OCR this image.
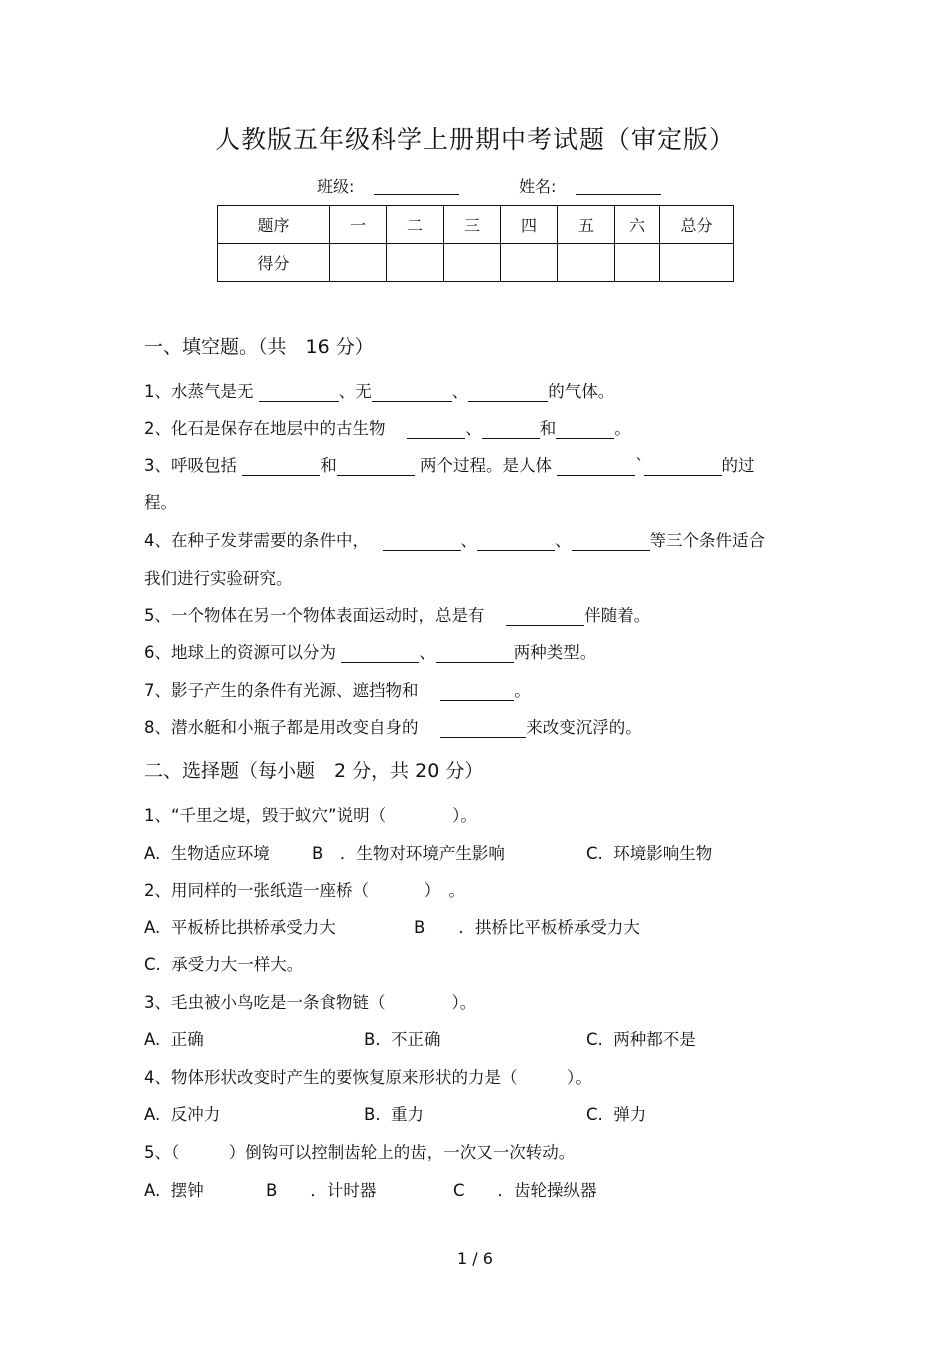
人教版五年级科学上册期中考试题（审定版）
班级:	姓名:
题序	一	二	三	四	五	六	总分
得分							
一、填空题。（共　16 分）
1、水蒸气是无	、无	、	的气体。
2、化石是保存在地层中的古生物　	、	和	。
3、呼吸包括	和	两个过程。是人体	`	的过
程。
4、在种子发芽需要的条件中，　	、	、	等三个条件适合
我们进行实验研究。
5、一个物体在另一个物体表面运动时，总是有　	伴随着。
6、地球上的资源可以分为	、	两种类型。
7、影子产生的条件有光源、遮挡物和　	。
8、潜水艇和小瓶子都是用改变自身的　	来改变沉浮的。
二、选择题（每小题　2 分，共 20 分）
1、“千里之堤，毁于蚁穴”说明（　　　　）。
A.  生物适应环境	B　．生物对环境产生影响	C.  环境影响生物
2、用同样的一张纸造一座桥（　　　 ）　。
A.  平板桥比拱桥承受力大	B　　．拱桥比平板桥承受力大
C.  承受力大一样大。
3、毛虫被小鸟吃是一条食物链（　　　　）。
A.  正确	B.  不正确	C.  两种都不是
4、物体形状改变时产生的要恢复原来形状的力是（　　　）。
A.  反冲力	B.  重力	C.  弹力
5、（　　　）倒钩可以控制齿轮上的齿，一次又一次转动。
A.  摆钟	B　　．计时器	C　　．齿轮操纵器
1 / 6
